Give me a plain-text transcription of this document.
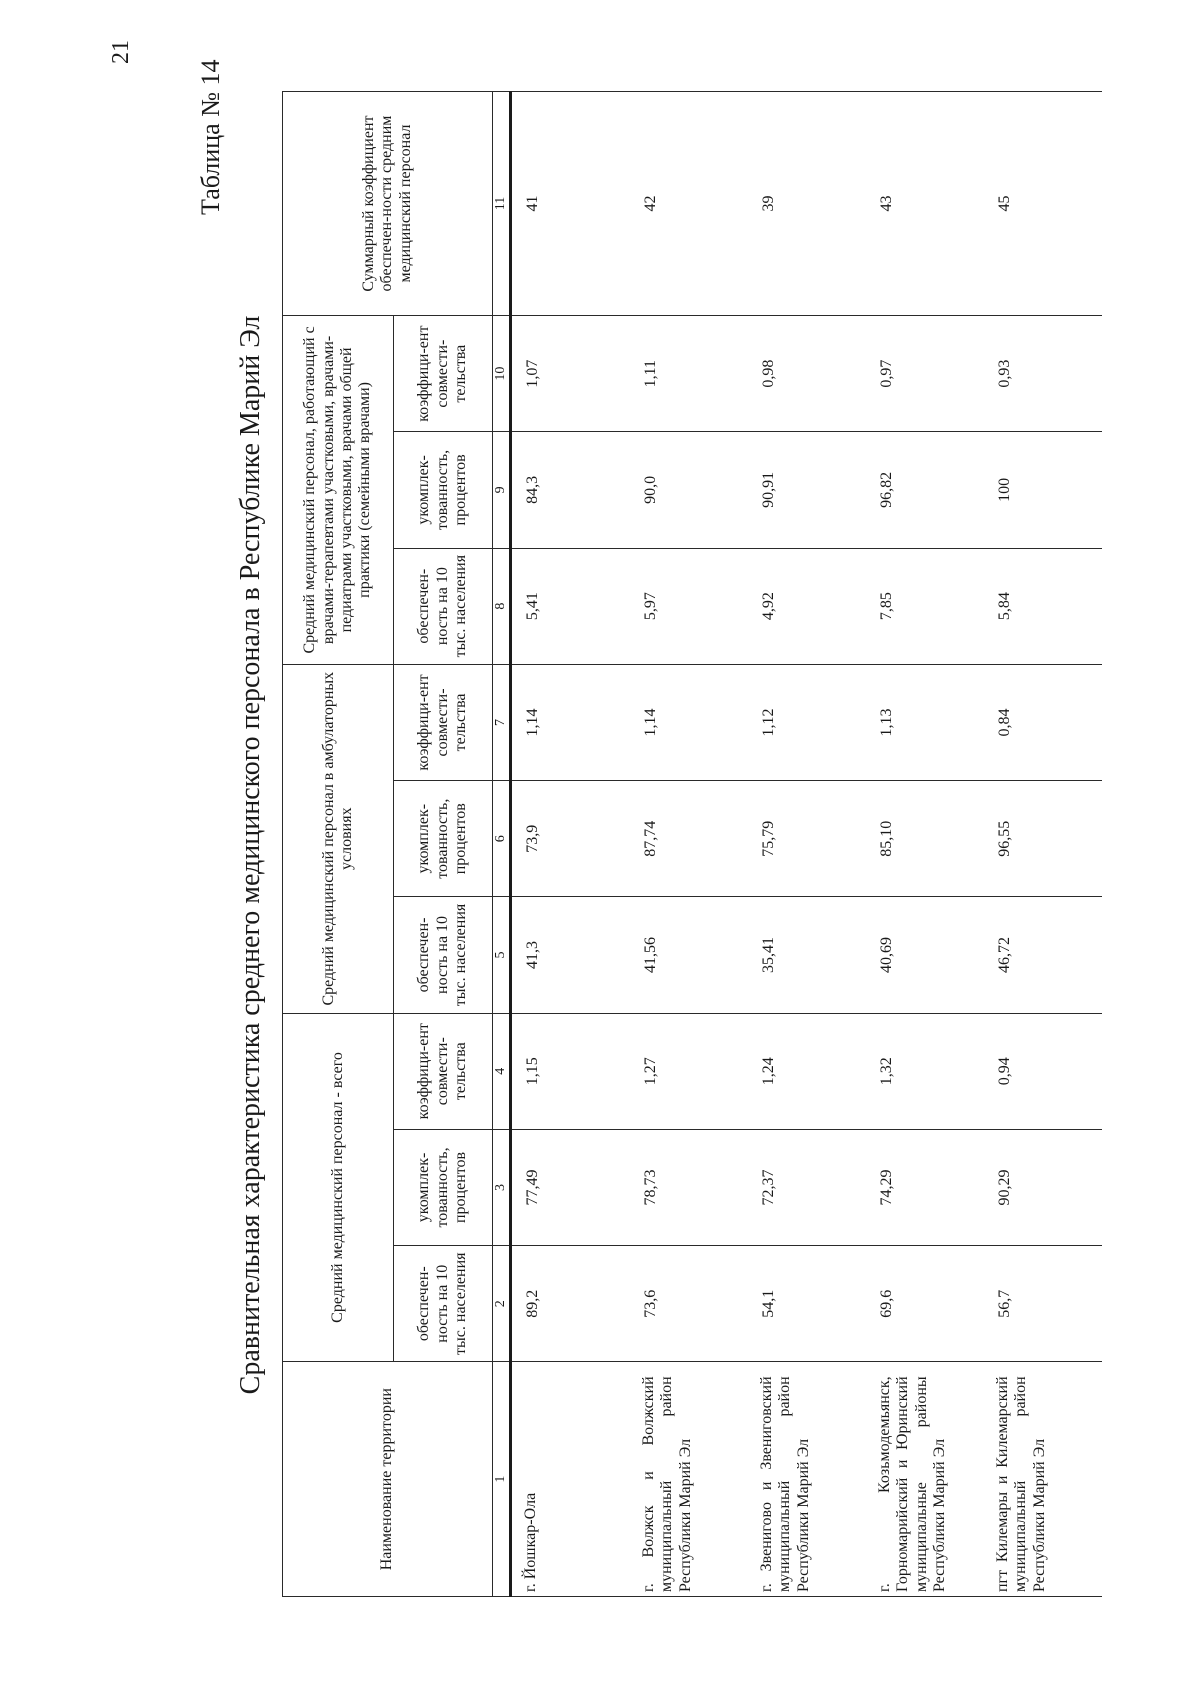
21
Таблица № 14
Сравнительная характеристика среднего медицинского персонала в Республике Марий Эл
Наименование территории	Средний медицинский персонал - всего			Средний медицинский персонал в амбулаторных условиях			Средний медицинский персонал, работающий с врачами-терапевтами участковыми, врачами-педиатрами участковыми, врачами общей практики (семейными врачами)			Суммарный коэффициент обеспечен-ности средним медицинский персонал
	обеспечен-ность на 10 тыс. населения	укомплек-тованность, процентов	коэффици-ент совмести-тельства	обеспечен-ность на 10 тыс. населения	укомплек-тованность, процентов	коэффици-ент совмести-тельства	обеспечен-ность на 10 тыс. населения	укомплек-тованность, процентов	коэффици-ент совмести-тельства	
1	2	3	4	5	6	7	8	9	10	11
г. Йошкар-Ола	89,2	77,49	1,15	41,3	73,9	1,14	5,41	84,3	1,07	41
г. Волжск и Волжский муниципальный район Республики Марий Эл	73,6	78,73	1,27	41,56	87,74	1,14	5,97	90,0	1,11	42
г. Звенигово и Звениговский муниципальный район Республики Марий Эл	54,1	72,37	1,24	35,41	75,79	1,12	4,92	90,91	0,98	39
г. Козьмодемьянск, Горномарийский и Юринский муниципальные районы Республики Марий Эл	69,6	74,29	1,32	40,69	85,10	1,13	7,85	96,82	0,97	43
пгт Килемары и Килемарский муниципальный район Республики Марий Эл	56,7	90,29	0,94	46,72	96,55	0,84	5,84	100	0,93	45
